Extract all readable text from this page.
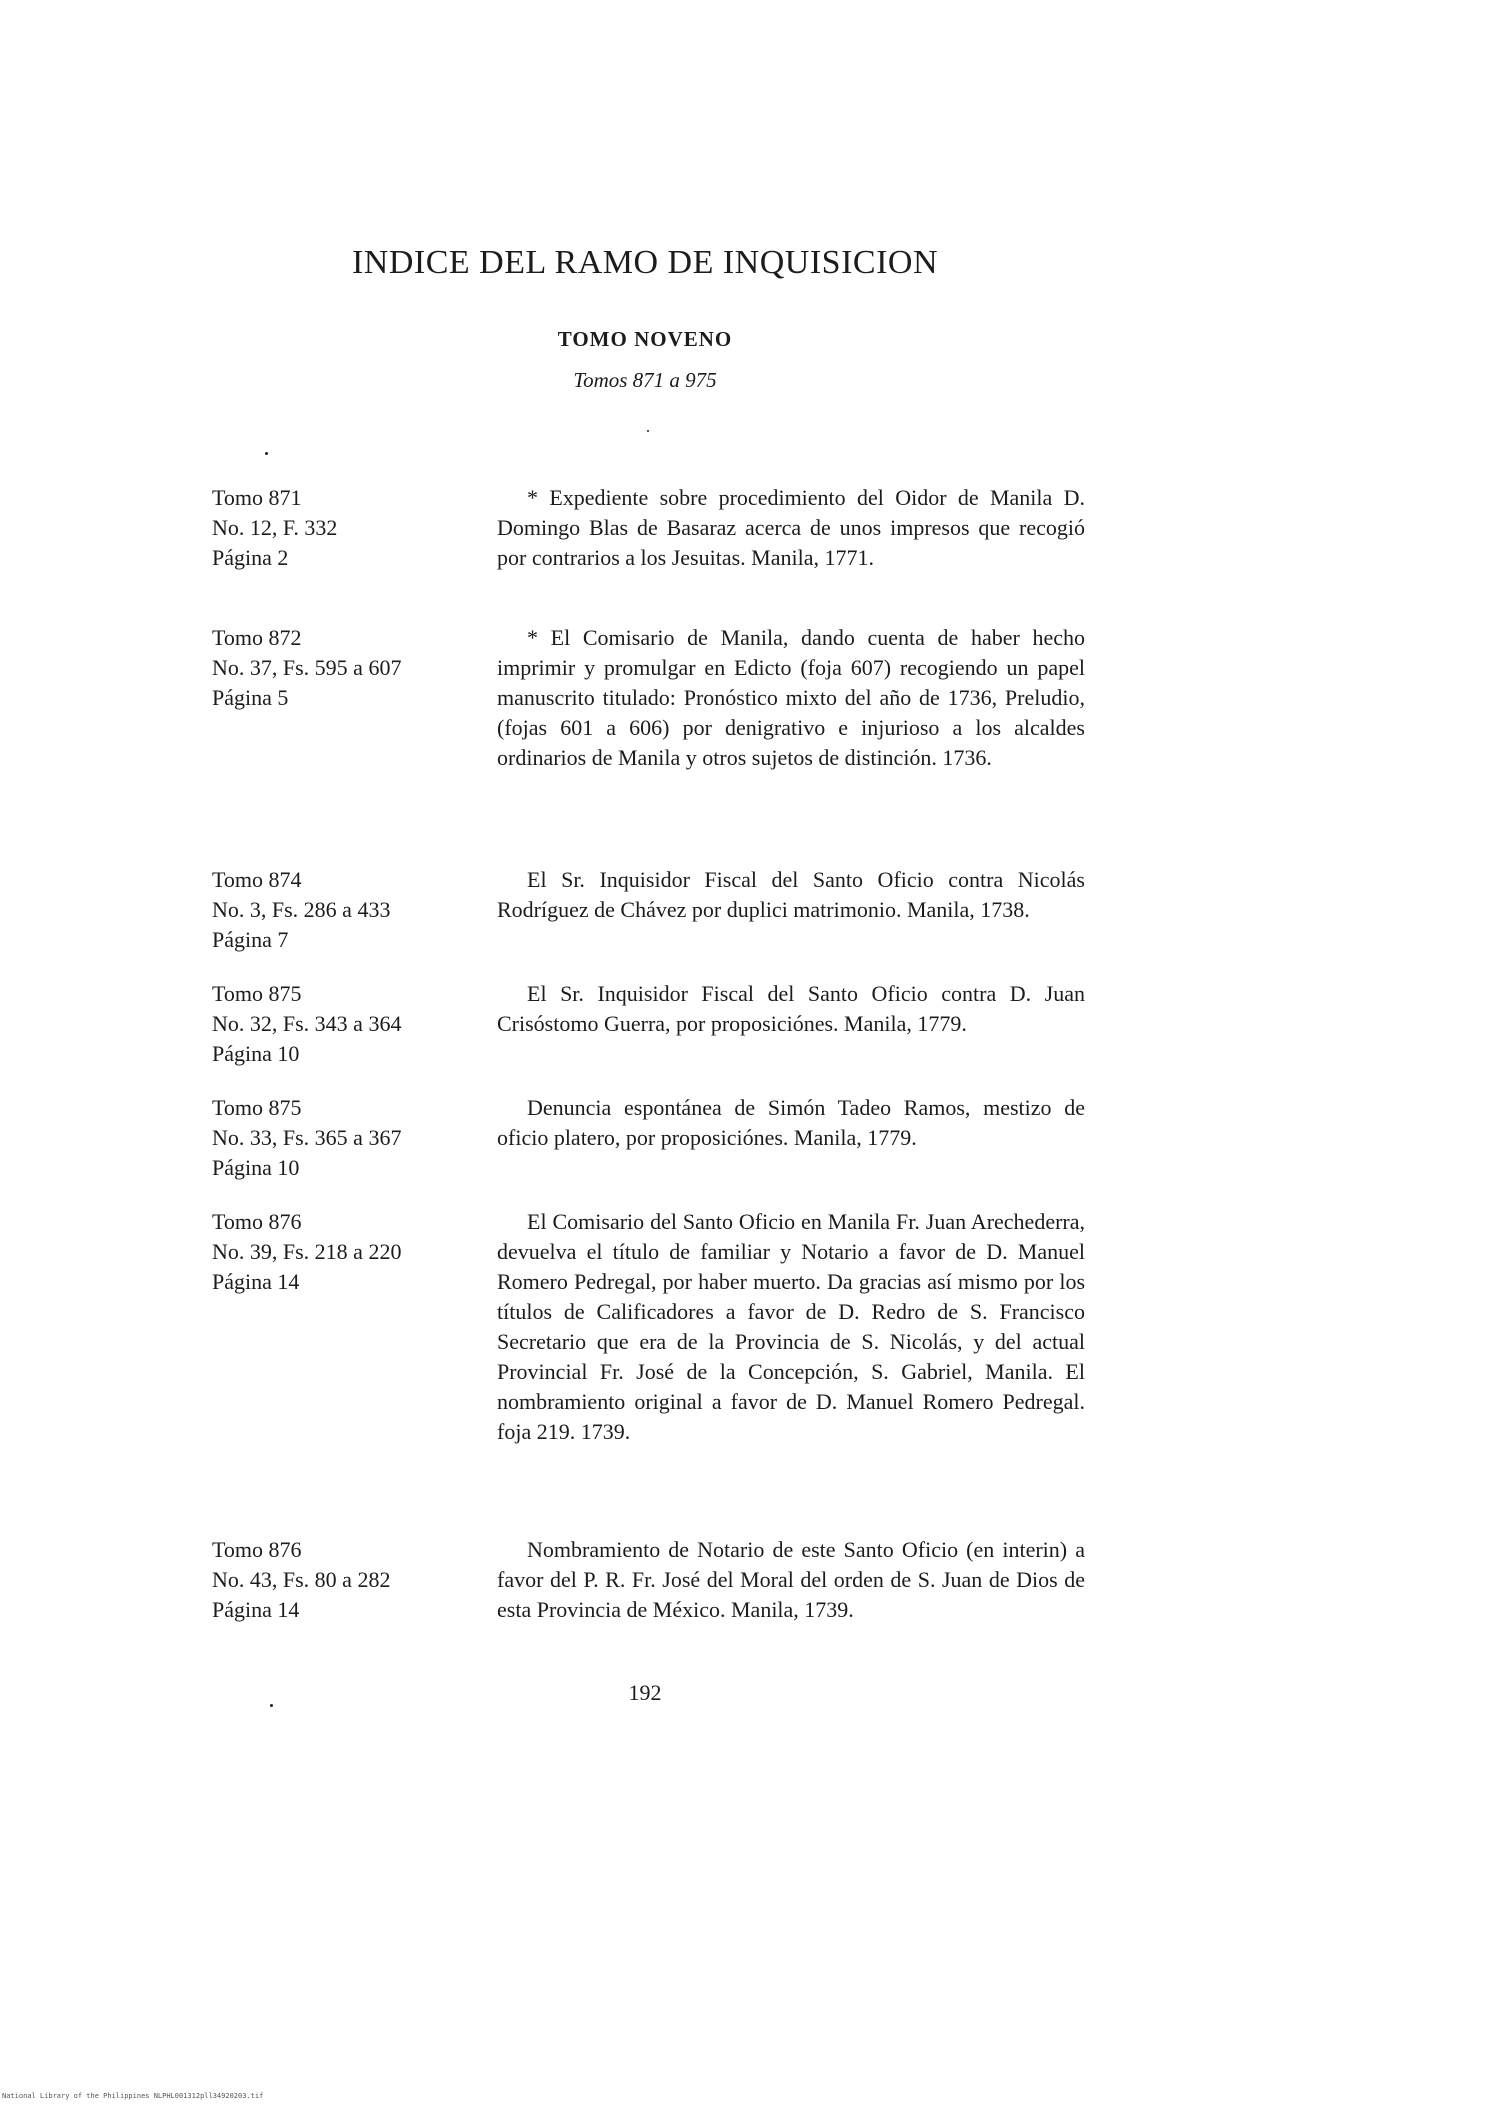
INDICE DEL RAMO DE INQUISICION
TOMO NOVENO
Tomos 871 a 975
Tomo 871
No. 12, F. 332
Página 2

* Expediente sobre procedimiento del Oidor de Manila D. Domingo Blas de Basaraz acerca de unos impresos que recogió por contrarios a los Jesuitas. Manila, 1771.

Tomo 872
No. 37, Fs. 595 a 607
Página 5

* El Comisario de Manila, dando cuenta de haber hecho imprimir y promulgar en Edicto (foja 607) recogiendo un papel manuscrito titulado: Pronóstico mixto del año de 1736, Preludio, (fojas 601 a 606) por denigrativo e injurioso a los alcaldes ordinarios de Manila y otros sujetos de distinción. 1736.

Tomo 874
No. 3, Fs. 286 a 433
Página 7

El Sr. Inquisidor Fiscal del Santo Oficio contra Nicolás Rodríguez de Chávez por duplici matrimonio. Manila, 1738.

Tomo 875
No. 32, Fs. 343 a 364
Página 10

El Sr. Inquisidor Fiscal del Santo Oficio contra D. Juan Crisóstomo Guerra, por proposiciónes. Manila, 1779.

Tomo 875
No. 33, Fs. 365 a 367
Página 10

Denuncia espontánea de Simón Tadeo Ramos, mestizo de oficio platero, por proposiciónes. Manila, 1779.

Tomo 876
No. 39, Fs. 218 a 220
Página 14

El Comisario del Santo Oficio en Manila Fr. Juan Arechederra, devuelva el título de familiar y Notario a favor de D. Manuel Romero Pedregal, por haber muerto. Da gracias así mismo por los títulos de Calificadores a favor de D. Redro de S. Francisco Secretario que era de la Provincia de S. Nicolás, y del actual Provincial Fr. José de la Concepción, S. Gabriel, Manila. El nombramiento original a favor de D. Manuel Romero Pedregal. foja 219. 1739.

Tomo 876
No. 43, Fs. 80 a 282
Página 14

Nombramiento de Notario de este Santo Oficio (en interin) a favor del P. R. Fr. José del Moral del orden de S. Juan de Dios de esta Provincia de México. Manila, 1739.

192
National Library of the Philippines NLPHL001312pll34920203.tif
